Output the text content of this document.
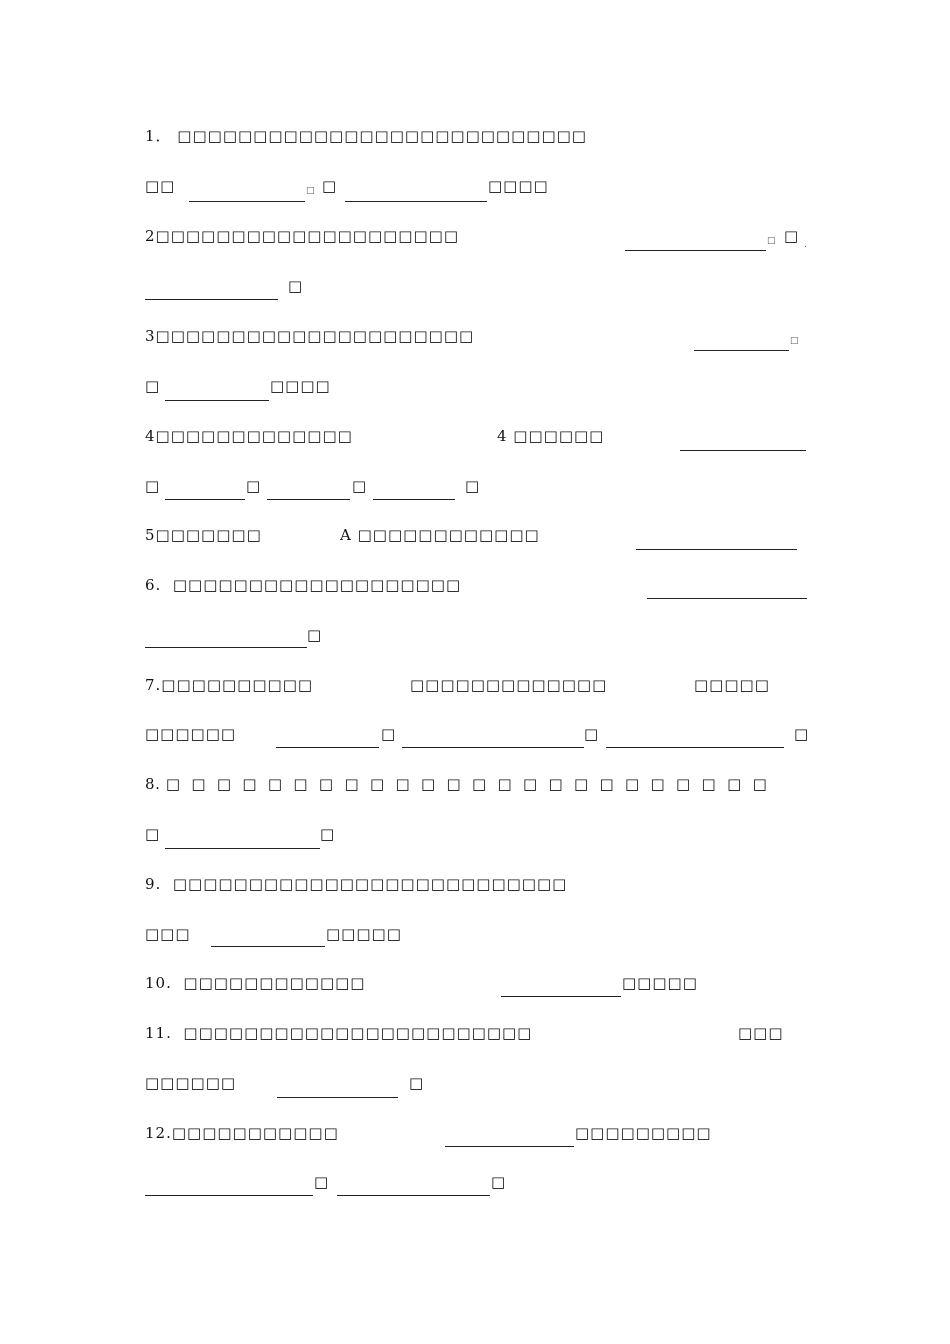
1． □□□□□□□□□□□□□□□□□□□□□□□□□□□
□□	□ □	□□□□
2□□□□□□□□□□□□□□□□□□□□	□ □ .
□
3□□□□□□□□□□□□□□□□□□□□□	□
□	□□□□
4□□□□□□□□□□□□□	4 □□□□□□
□	□	□	□
5□□□□□□□	A □□□□□□□□□□□□
6.  □□□□□□□□□□□□□□□□□□□
□
7.□□□□□□□□□□	□□□□□□□□□□□□□	□□□□□
□□□□□□	□	□	□
8. □  □  □  □  □  □  □  □  □  □  □  □  □  □  □  □  □  □  □  □  □  □  □  □
□	□
9.  □□□□□□□□□□□□□□□□□□□□□□□□□□
□□□	□□□□□
10.  □□□□□□□□□□□□	□□□□□
11.  □□□□□□□□□□□□□□□□□□□□□□□	□□□
□□□□□□	□
12.□□□□□□□□□□□	□□□□□□□□□
□	□
